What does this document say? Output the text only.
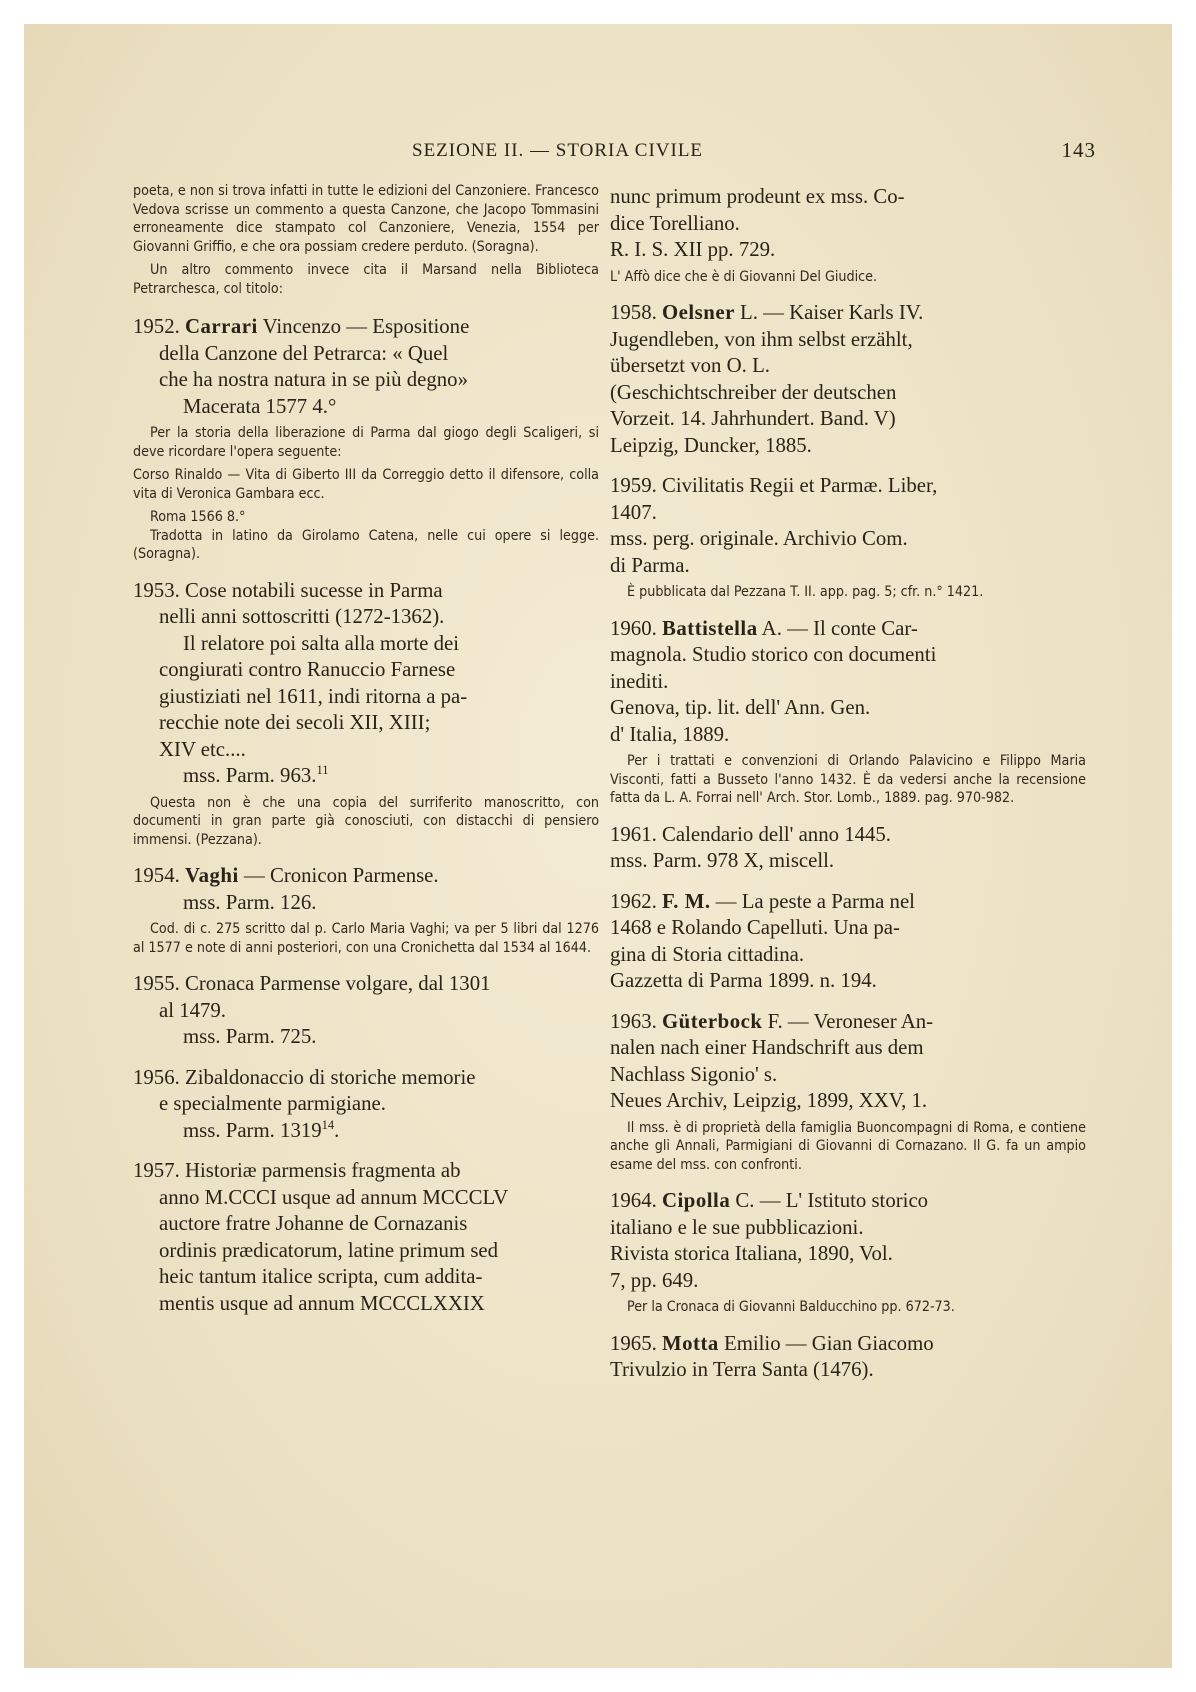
SEZIONE II. — STORIA CIVILE	143

poeta, e non si trova infatti in tutte le edizioni del Canzoniere. Francesco Vedova scrisse un commento a questa Canzone, che Jacopo Tommasini erroneamente dice stampato col Canzoniere, Venezia, 1554 per Giovanni Griffio, e che ora possiam credere perduto. (Soragna).

Un altro commento invece cita il Marsand nella Biblioteca Petrarchesca, col titolo:

1952. Carrari Vincenzo — Espositione
della Canzone del Petrarca: « Quel
che ha nostra natura in se più degno»
Macerata 1577 4.°

Per la storia della liberazione di Parma dal giogo degli Scaligeri, si deve ricordare l'opera seguente:

Corso Rinaldo — Vita di Giberto III da Correggio detto il difensore, colla vita di Veronica Gambara ecc.

Roma 1566 8.°

Tradotta in latino da Girolamo Catena, nelle cui opere si legge. (Soragna).

1953. Cose notabili sucesse in Parma
nelli anni sottoscritti (1272-1362).
Il relatore poi salta alla morte dei
congiurati contro Ranuccio Farnese
giustiziati nel 1611, indi ritorna a pa-
recchie note dei secoli XII, XIII;
XIV etc....
mss. Parm. 963.11

Questa non è che una copia del surriferito manoscritto, con documenti in gran parte già conosciuti, con distacchi di pensiero immensi. (Pezzana).

1954. Vaghi — Cronicon Parmense.
mss. Parm. 126.

Cod. di c. 275 scritto dal p. Carlo Maria Vaghi; va per 5 libri dal 1276 al 1577 e note di anni posteriori, con una Cronichetta dal 1534 al 1644.

1955. Cronaca Parmense volgare, dal 1301
al 1479.
mss. Parm. 725.
1956. Zibaldonaccio di storiche memorie
e specialmente parmigiane.
mss. Parm. 1319$^{14}$.
1957. Historiæ parmensis fragmenta ab
anno M.CCCI usque ad annum MCCCLV
auctore fratre Johanne de Cornazanis
ordinis prædicatorum, latine primum sed
heic tantum italice scripta, cum addita-
mentis usque ad annum MCCCLXXIX
nunc primum prodeunt ex mss. Co-
dice Torelliano.
R. I. S. XII pp. 729.

L' Affò dice che è di Giovanni Del Giudice.

1958. Oelsner L. — Kaiser Karls IV.
Jugendleben, von ihm selbst erzählt,
übersetzt von O. L.
(Geschichtschreiber der deutschen
Vorzeit. 14. Jahrhundert. Band. V)
Leipzig, Duncker, 1885.
1959. Civilitatis Regii et Parmæ. Liber,
1407.
mss. perg. originale. Archivio Com.
di Parma.

È pubblicata dal Pezzana T. II. app. pag. 5; cfr. n.° 1421.

1960. Battistella A. — Il conte Car-
magnola. Studio storico con documenti
inediti.
Genova, tip. lit. dell' Ann. Gen.
d' Italia, 1889.

Per i trattati e convenzioni di Orlando Palavicino e Filippo Maria Visconti, fatti a Busseto l'anno 1432. È da vedersi anche la recensione fatta da L. A. Forrai nell' Arch. Stor. Lomb., 1889. pag. 970-982.

1961. Calendario dell' anno 1445.
mss. Parm. 978 X, miscell.
1962. F. M. — La peste a Parma nel
1468 e Rolando Capelluti. Una pa-
gina di Storia cittadina.
Gazzetta di Parma 1899. n. 194.
1963. Güterbock F. — Veroneser An-
nalen nach einer Handschrift aus dem
Nachlass Sigonio' s.
Neues Archiv, Leipzig, 1899, XXV, 1.

Il mss. è di proprietà della famiglia Buoncompagni di Roma, e contiene anche gli Annali, Parmigiani di Giovanni di Cornazano. Il G. fa un ampio esame del mss. con confronti.

1964. Cipolla C. — L' Istituto storico
italiano e le sue pubblicazioni.
Rivista storica Italiana, 1890, Vol.
7, pp. 649.

Per la Cronaca di Giovanni Balducchino pp. 672-73.

1965. Motta Emilio — Gian Giacomo
Trivulzio in Terra Santa (1476).
